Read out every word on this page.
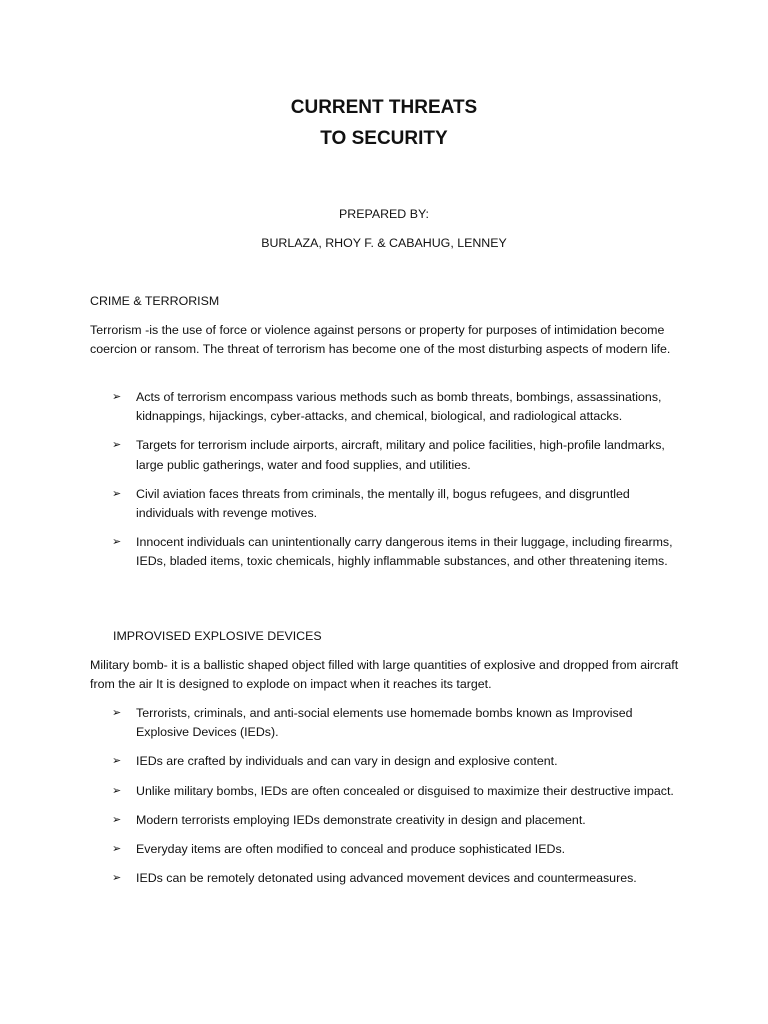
CURRENT THREATS
TO SECURITY
PREPARED BY:
BURLAZA, RHOY F. & CABAHUG, LENNEY
CRIME & TERRORISM

Terrorism -is the use of force or violence against persons or property for purposes of intimidation become coercion or ransom. The threat of terrorism has become one of the most disturbing aspects of modern life.

➢ Acts of terrorism encompass various methods such as bomb threats, bombings, assassinations, kidnappings, hijackings, cyber-attacks, and chemical, biological, and radiological attacks.
➢ Targets for terrorism include airports, aircraft, military and police facilities, high-profile landmarks, large public gatherings, water and food supplies, and utilities.
➢ Civil aviation faces threats from criminals, the mentally ill, bogus refugees, and disgruntled individuals with revenge motives.
➢ Innocent individuals can unintentionally carry dangerous items in their luggage, including firearms, IEDs, bladed items, toxic chemicals, highly inflammable substances, and other threatening items.
IMPROVISED EXPLOSIVE DEVICES

Military bomb- it is a ballistic shaped object filled with large quantities of explosive and dropped from aircraft from the air It is designed to explode on impact when it reaches its target.

➢ Terrorists, criminals, and anti-social elements use homemade bombs known as Improvised Explosive Devices (IEDs).
➢ IEDs are crafted by individuals and can vary in design and explosive content.
➢ Unlike military bombs, IEDs are often concealed or disguised to maximize their destructive impact.
➢ Modern terrorists employing IEDs demonstrate creativity in design and placement.
➢ Everyday items are often modified to conceal and produce sophisticated IEDs.
➢ IEDs can be remotely detonated using advanced movement devices and countermeasures.
